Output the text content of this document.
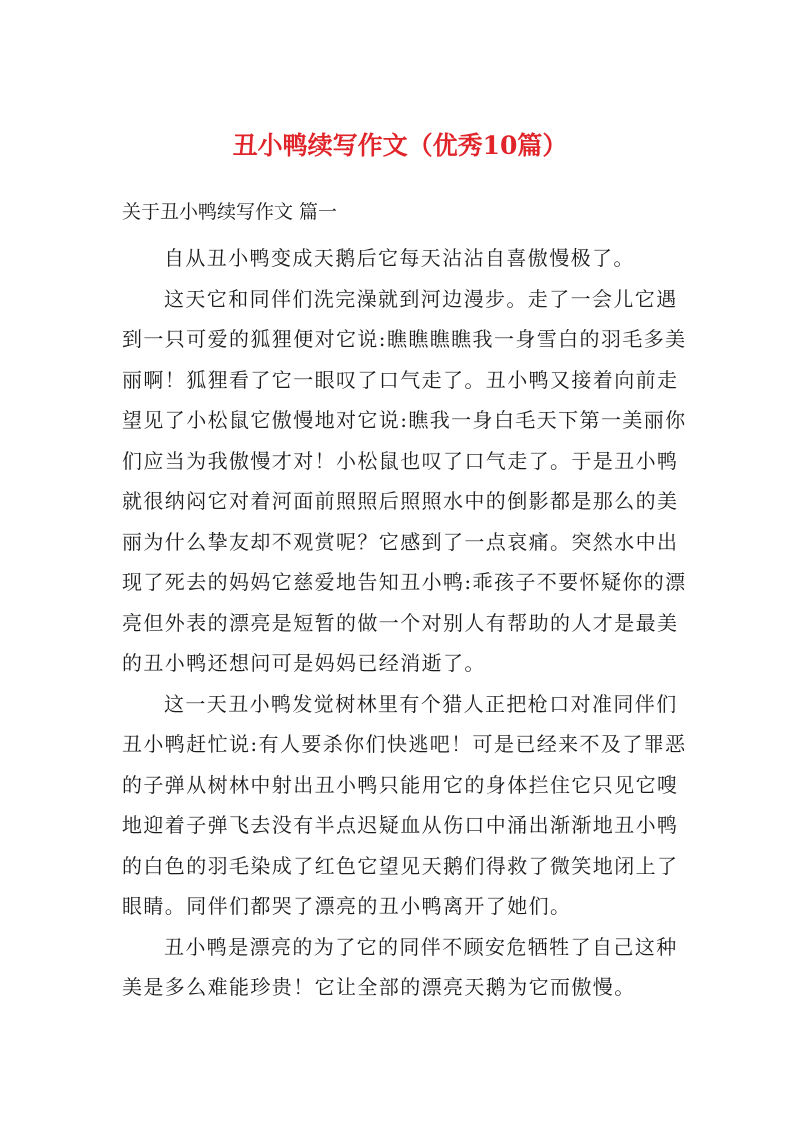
丑小鸭续写作文（优秀10篇）
关于丑小鸭续写作文 篇一

自从丑小鸭变成天鹅后它每天沾沾自喜傲慢极了。

这天它和同伴们洗完澡就到河边漫步。走了一会儿它遇到一只可爱的狐狸便对它说:瞧瞧瞧瞧我一身雪白的羽毛多美丽啊！狐狸看了它一眼叹了口气走了。丑小鸭又接着向前走望见了小松鼠它傲慢地对它说:瞧我一身白毛天下第一美丽你们应当为我傲慢才对！小松鼠也叹了口气走了。于是丑小鸭就很纳闷它对着河面前照照后照照水中的倒影都是那么的美丽为什么挚友却不观赏呢？它感到了一点哀痛。突然水中出现了死去的妈妈它慈爱地告知丑小鸭:乖孩子不要怀疑你的漂亮但外表的漂亮是短暂的做一个对别人有帮助的人才是最美的丑小鸭还想问可是妈妈已经消逝了。

这一天丑小鸭发觉树林里有个猎人正把枪口对准同伴们丑小鸭赶忙说:有人要杀你们快逃吧！可是已经来不及了罪恶的子弹从树林中射出丑小鸭只能用它的身体拦住它只见它嗖地迎着子弹飞去没有半点迟疑血从伤口中涌出渐渐地丑小鸭的白色的羽毛染成了红色它望见天鹅们得救了微笑地闭上了眼睛。同伴们都哭了漂亮的丑小鸭离开了她们。

丑小鸭是漂亮的为了它的同伴不顾安危牺牲了自己这种美是多么难能珍贵！它让全部的漂亮天鹅为它而傲慢。
